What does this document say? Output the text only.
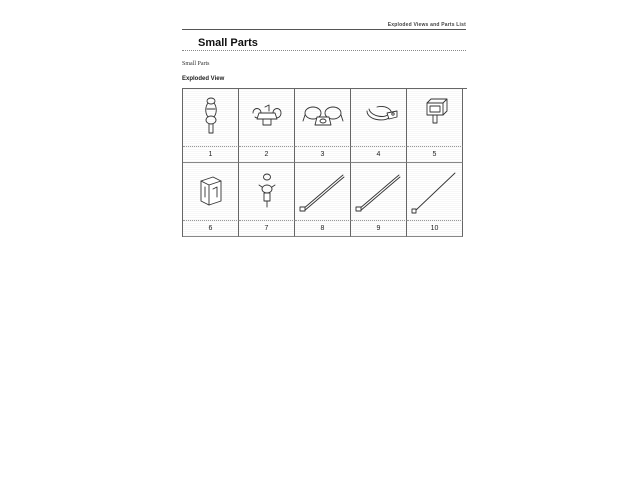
Exploded Views and Parts List
Small Parts
Small Parts
Exploded View
1	2	3	4	5
6	7	8	9	10
